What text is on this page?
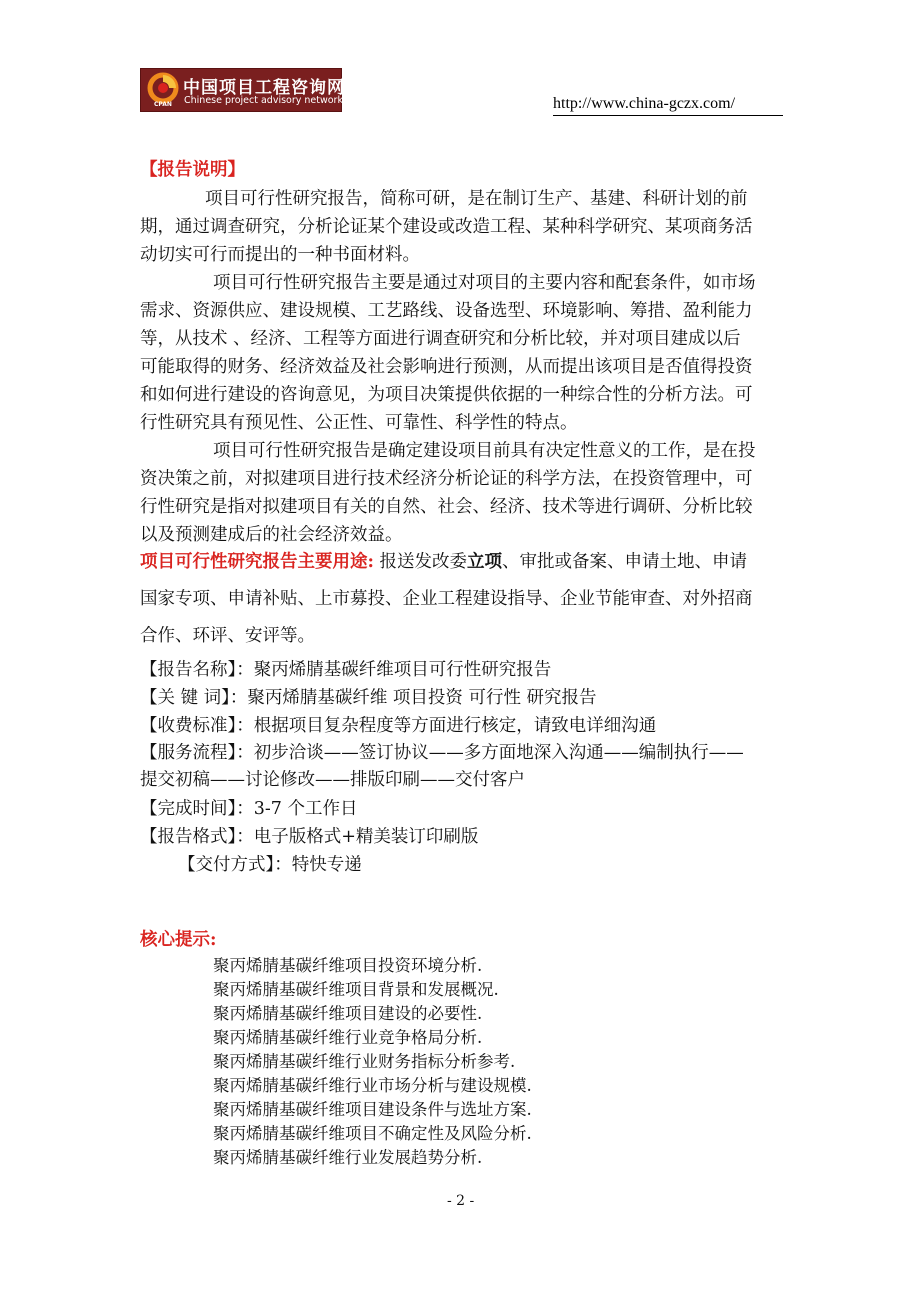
CPAN
中国项目工程咨询网
Chinese project advisory network	http://www.china-gczx.com/
【报告说明】
项目可行性研究报告，简称可研，是在制订生产、基建、科研计划的前
期，通过调查研究，分析论证某个建设或改造工程、某种科学研究、某项商务活
动切实可行而提出的一种书面材料。
项目可行性研究报告主要是通过对项目的主要内容和配套条件，如市场
需求、资源供应、建设规模、工艺路线、设备选型、环境影响、筹措、盈利能力
等，从技术 、经济、工程等方面进行调查研究和分析比较，并对项目建成以后
可能取得的财务、经济效益及社会影响进行预测，从而提出该项目是否值得投资
和如何进行建设的咨询意见，为项目决策提供依据的一种综合性的分析方法。可
行性研究具有预见性、公正性、可靠性、科学性的特点。
项目可行性研究报告是确定建设项目前具有决定性意义的工作，是在投
资决策之前，对拟建项目进行技术经济分析论证的科学方法，在投资管理中，可
行性研究是指对拟建项目有关的自然、社会、经济、技术等进行调研、分析比较
以及预测建成后的社会经济效益。
项目可行性研究报告主要用途: 报送发改委立项、审批或备案、申请土地、申请
国家专项、申请补贴、上市募投、企业工程建设指导、企业节能审查、对外招商
合作、环评、安评等。
【报告名称】：聚丙烯腈基碳纤维项目可行性研究报告
【关 键 词】：聚丙烯腈基碳纤维 项目投资 可行性 研究报告
【收费标准】：根据项目复杂程度等方面进行核定，请致电详细沟通
【服务流程】：初步洽谈——签订协议——多方面地深入沟通——编制执行——
提交初稿——讨论修改——排版印刷——交付客户
【完成时间】：3-7 个工作日
【报告格式】：电子版格式+精美装订印刷版
【交付方式】：特快专递
核心提示:
聚丙烯腈基碳纤维项目投资环境分析.
聚丙烯腈基碳纤维项目背景和发展概况.
聚丙烯腈基碳纤维项目建设的必要性.
聚丙烯腈基碳纤维行业竞争格局分析.
聚丙烯腈基碳纤维行业财务指标分析参考.
聚丙烯腈基碳纤维行业市场分析与建设规模.
聚丙烯腈基碳纤维项目建设条件与选址方案.
聚丙烯腈基碳纤维项目不确定性及风险分析.
聚丙烯腈基碳纤维行业发展趋势分析.
- 2 -
